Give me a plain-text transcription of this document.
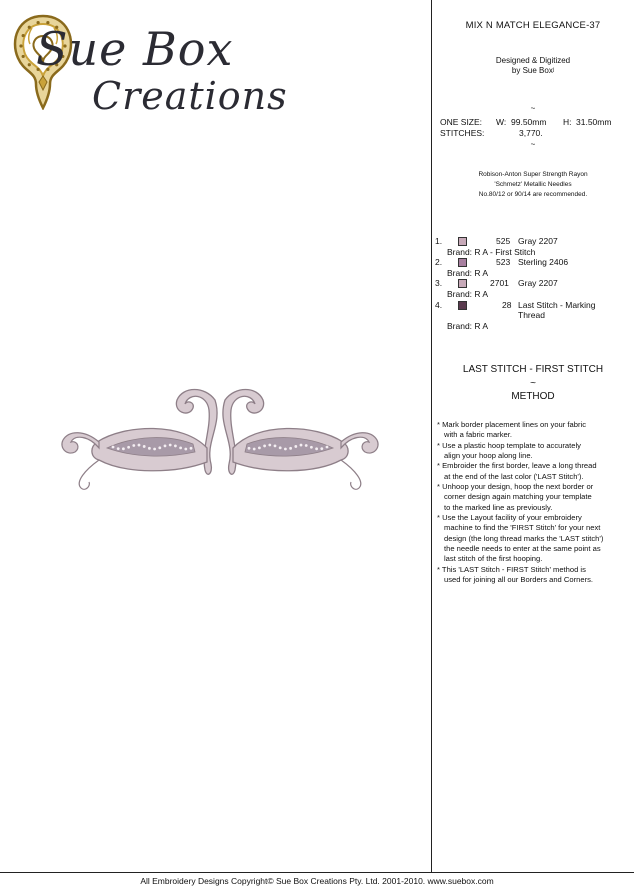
Sue Box
Creations
MIX N MATCH ELEGANCE-37
Designed & Digitized
by Sue Boxʲ
~
ONE SIZE: W: 99.50mm H: 31.50mm
STITCHES:	3,770.
~
Robison-Anton Super Strength Rayon
'Schmetz' Metallic Needles
No.80/12 or 90/14 are recommended.
1.	525 Gray 2207
Brand: R A - First Stitch
2.	523 Sterling 2406
Brand: R A
3.	2701 Gray 2207
Brand: R A
4.	28 Last Stitch - Marking
Thread
Brand: R A
LAST STITCH - FIRST STITCH
~
METHOD
* Mark border placement lines on your fabric
with a fabric marker.
* Use a plastic hoop template to accurately
align your hoop along line.
* Embroider the first border, leave a long thread
at the end of the last color ('LAST Stitch').
* Unhoop your design, hoop the next border or
corner design again matching your template
to the marked line as previously.
* Use the Layout facility of your embroidery
machine to find the 'FIRST Stitch' for your next
design (the long thread marks the 'LAST stitch')
the needle needs to enter at the same point as
last stitch of the first hooping.
* This 'LAST Stitch - FIRST Stitch' method is
used for joining all our Borders and Corners.
All Embroidery Designs Copyright© Sue Box Creations Pty. Ltd. 2001-2010. www.suebox.com
